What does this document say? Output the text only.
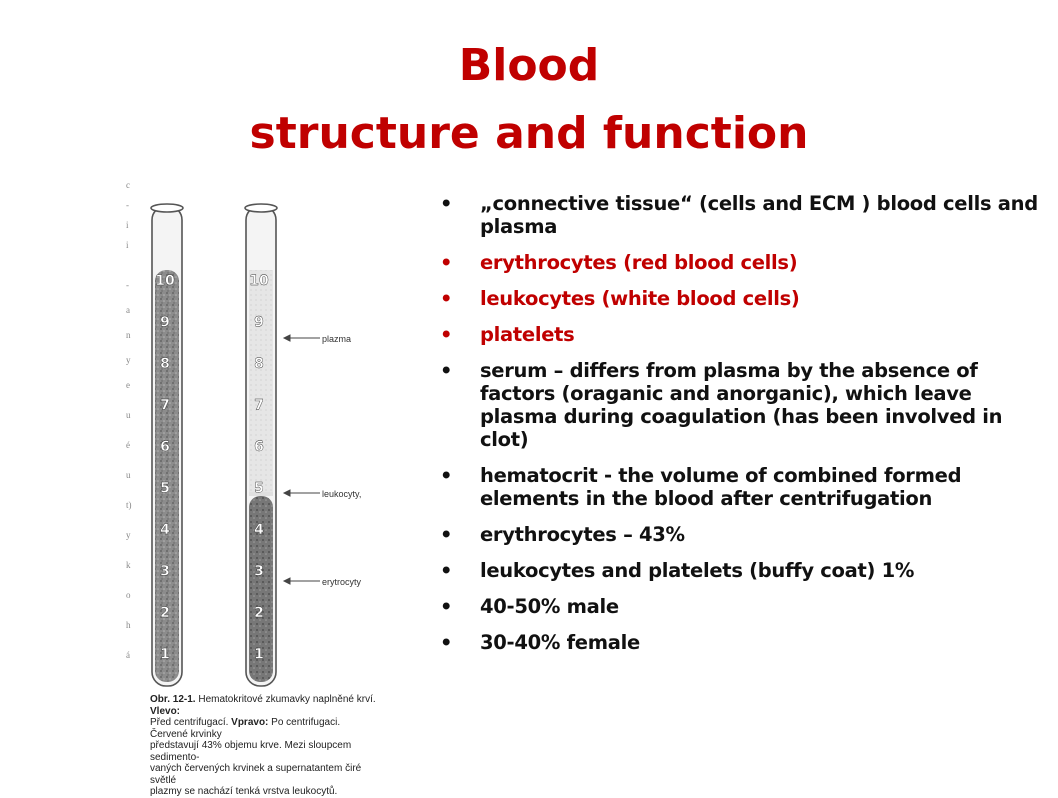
Blood
structure and function
c
-
i
i
-
a
n
y
e
u
é
u
t)
y
k
o
h
á
10
9
8
7
6
5
4
3
2
1
10
9
8
7
6
5
4
3
2
1
plazma
leukocyty,
erytrocyty
Obr. 12-1. Hematokritové zkumavky naplněné krví. Vlevo:
Před centrifugací. Vpravo: Po centrifugaci. Červené krvinky
představují 43% objemu krve. Mezi sloupcem sedimento-
vaných červených krvinek a supernatantem čiré světlé
plazmy se nachází tenká vrstva leukocytů.
• „connective tissue“ (cells and ECM ) blood cells and plasma
• erythrocytes (red blood cells)
• leukocytes (white blood cells)
• platelets
• serum – differs from plasma by the absence of factors (oraganic and anorganic), which leave plasma during coagulation (has been involved in clot)
• hematocrit - the volume of combined formed elements in the blood after centrifugation
• erythrocytes – 43%
• leukocytes and platelets (buffy coat) 1%
• 40-50% male
• 30-40% female
